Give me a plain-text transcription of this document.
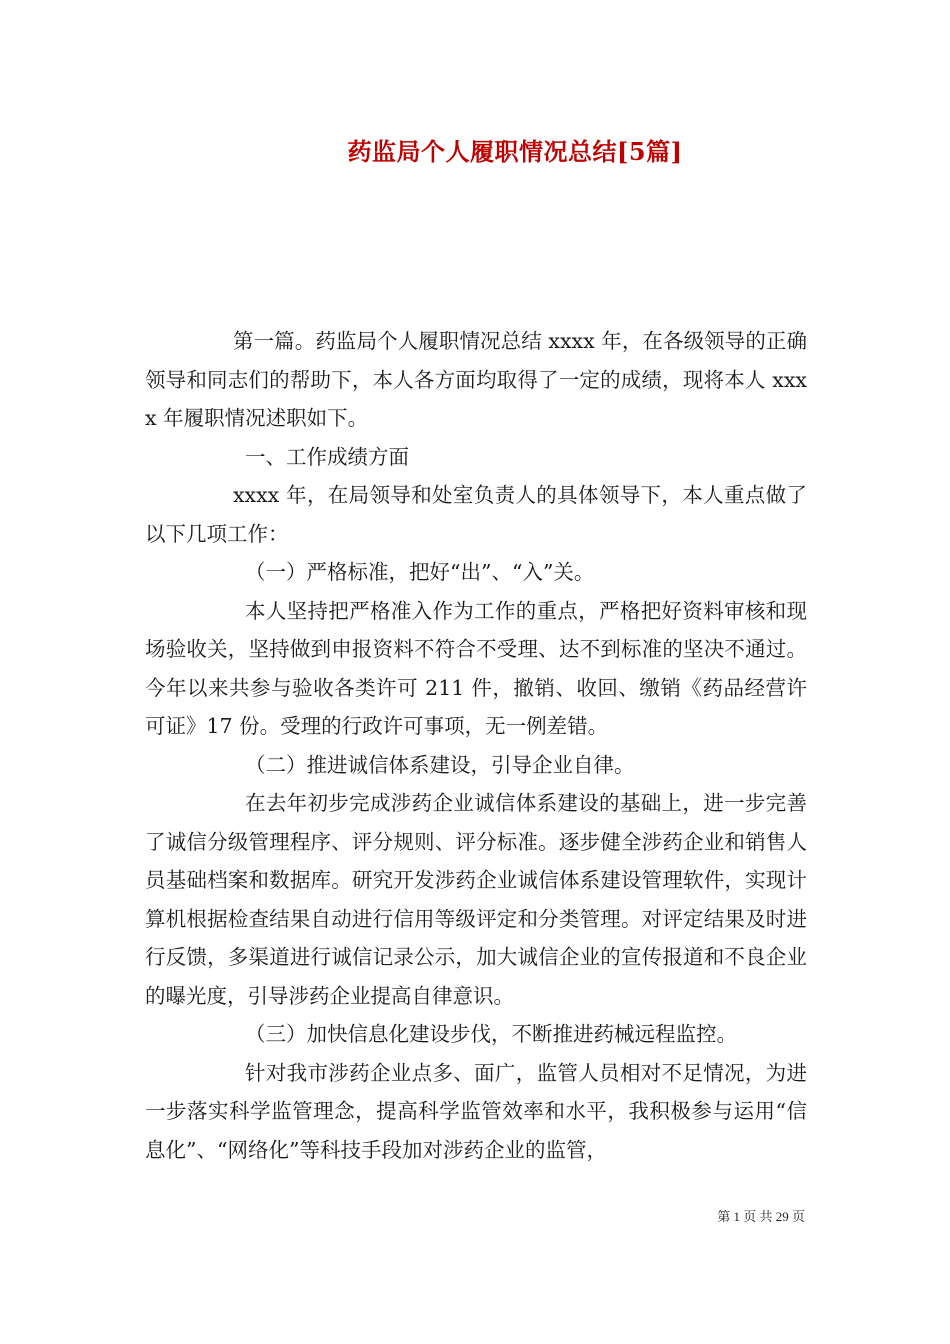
药监局个人履职情况总结[5篇]

第一篇。药监局个人履职情况总结 xxxx 年，在各级领导的正确领导和同志们的帮助下，本人各方面均取得了一定的成绩，现将本人 xxxx 年履职情况述职如下。

一、工作成绩方面

xxxx 年，在局领导和处室负责人的具体领导下，本人重点做了以下几项工作：

（一）严格标准，把好“出”、“入”关。

本人坚持把严格准入作为工作的重点，严格把好资料审核和现场验收关，坚持做到申报资料不符合不受理、达不到标准的坚决不通过。今年以来共参与验收各类许可 211 件，撤销、收回、缴销《药品经营许可证》17 份。受理的行政许可事项，无一例差错。

（二）推进诚信体系建设，引导企业自律。

在去年初步完成涉药企业诚信体系建设的基础上，进一步完善了诚信分级管理程序、评分规则、评分标准。逐步健全涉药企业和销售人员基础档案和数据库。研究开发涉药企业诚信体系建设管理软件，实现计算机根据检查结果自动进行信用等级评定和分类管理。对评定结果及时进行反馈，多渠道进行诚信记录公示，加大诚信企业的宣传报道和不良企业的曝光度，引导涉药企业提高自律意识。

（三）加快信息化建设步伐，不断推进药械远程监控。

针对我市涉药企业点多、面广，监管人员相对不足情况，为进一步落实科学监管理念，提高科学监管效率和水平，我积极参与运用“信息化”、“网络化”等科技手段加对涉药企业的监管，

第 1 页 共 29 页
